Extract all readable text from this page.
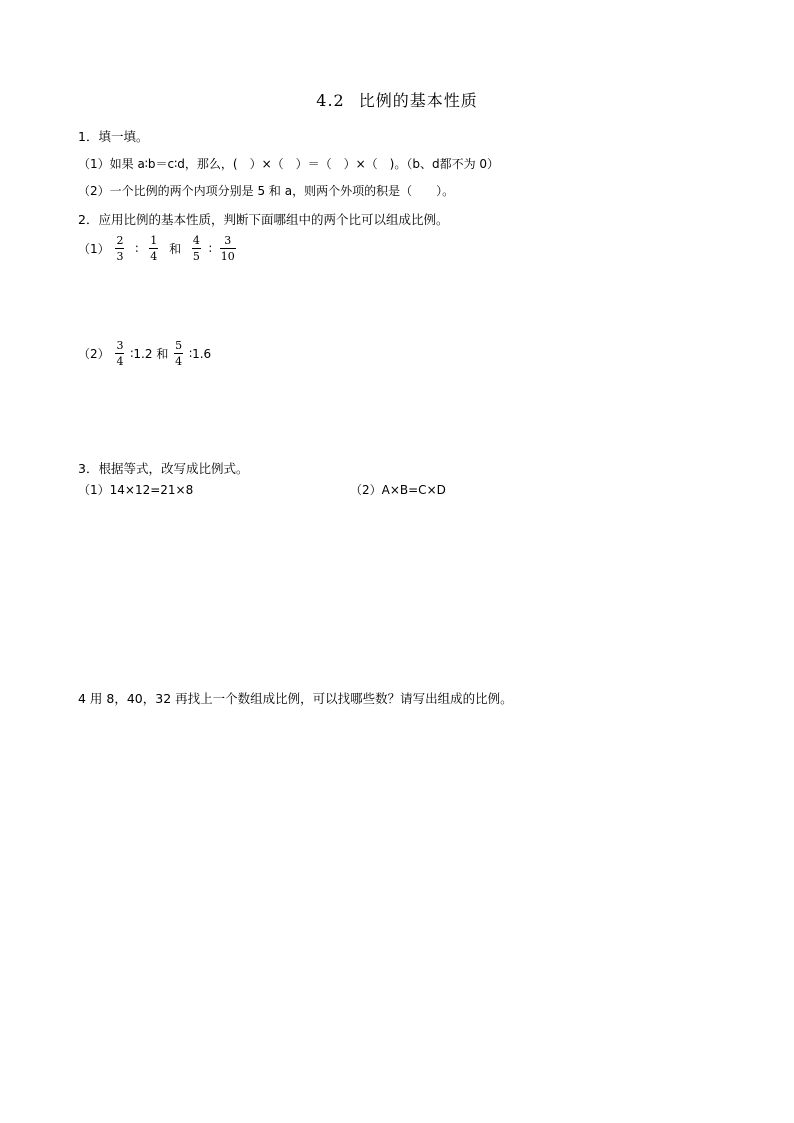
4.2 比例的基本性质
1．填一填。
（1）如果 a∶b＝c∶d，那么，(　）×（　）＝（　）×（　)。（b、d都不为 0）
（2）一个比例的两个内项分别是 5 和 a，则两个外项的积是（　　）。
2．应用比例的基本性质，判断下面哪组中的两个比可以组成比例。
$(1) \frac{2}{3}$ ∶ $\frac{1}{4}$ 和 $\frac{4}{5}$ ∶ $\frac{3}{10}$
$(2) \frac{3}{4}$ ∶1.2 和 $\frac{5}{4}$ ∶1.6
3．根据等式，改写成比例式。
（1）14×12=21×8	（2）A×B=C×D
4 用 8，40，32 再找上一个数组成比例，可以找哪些数？请写出组成的比例。
